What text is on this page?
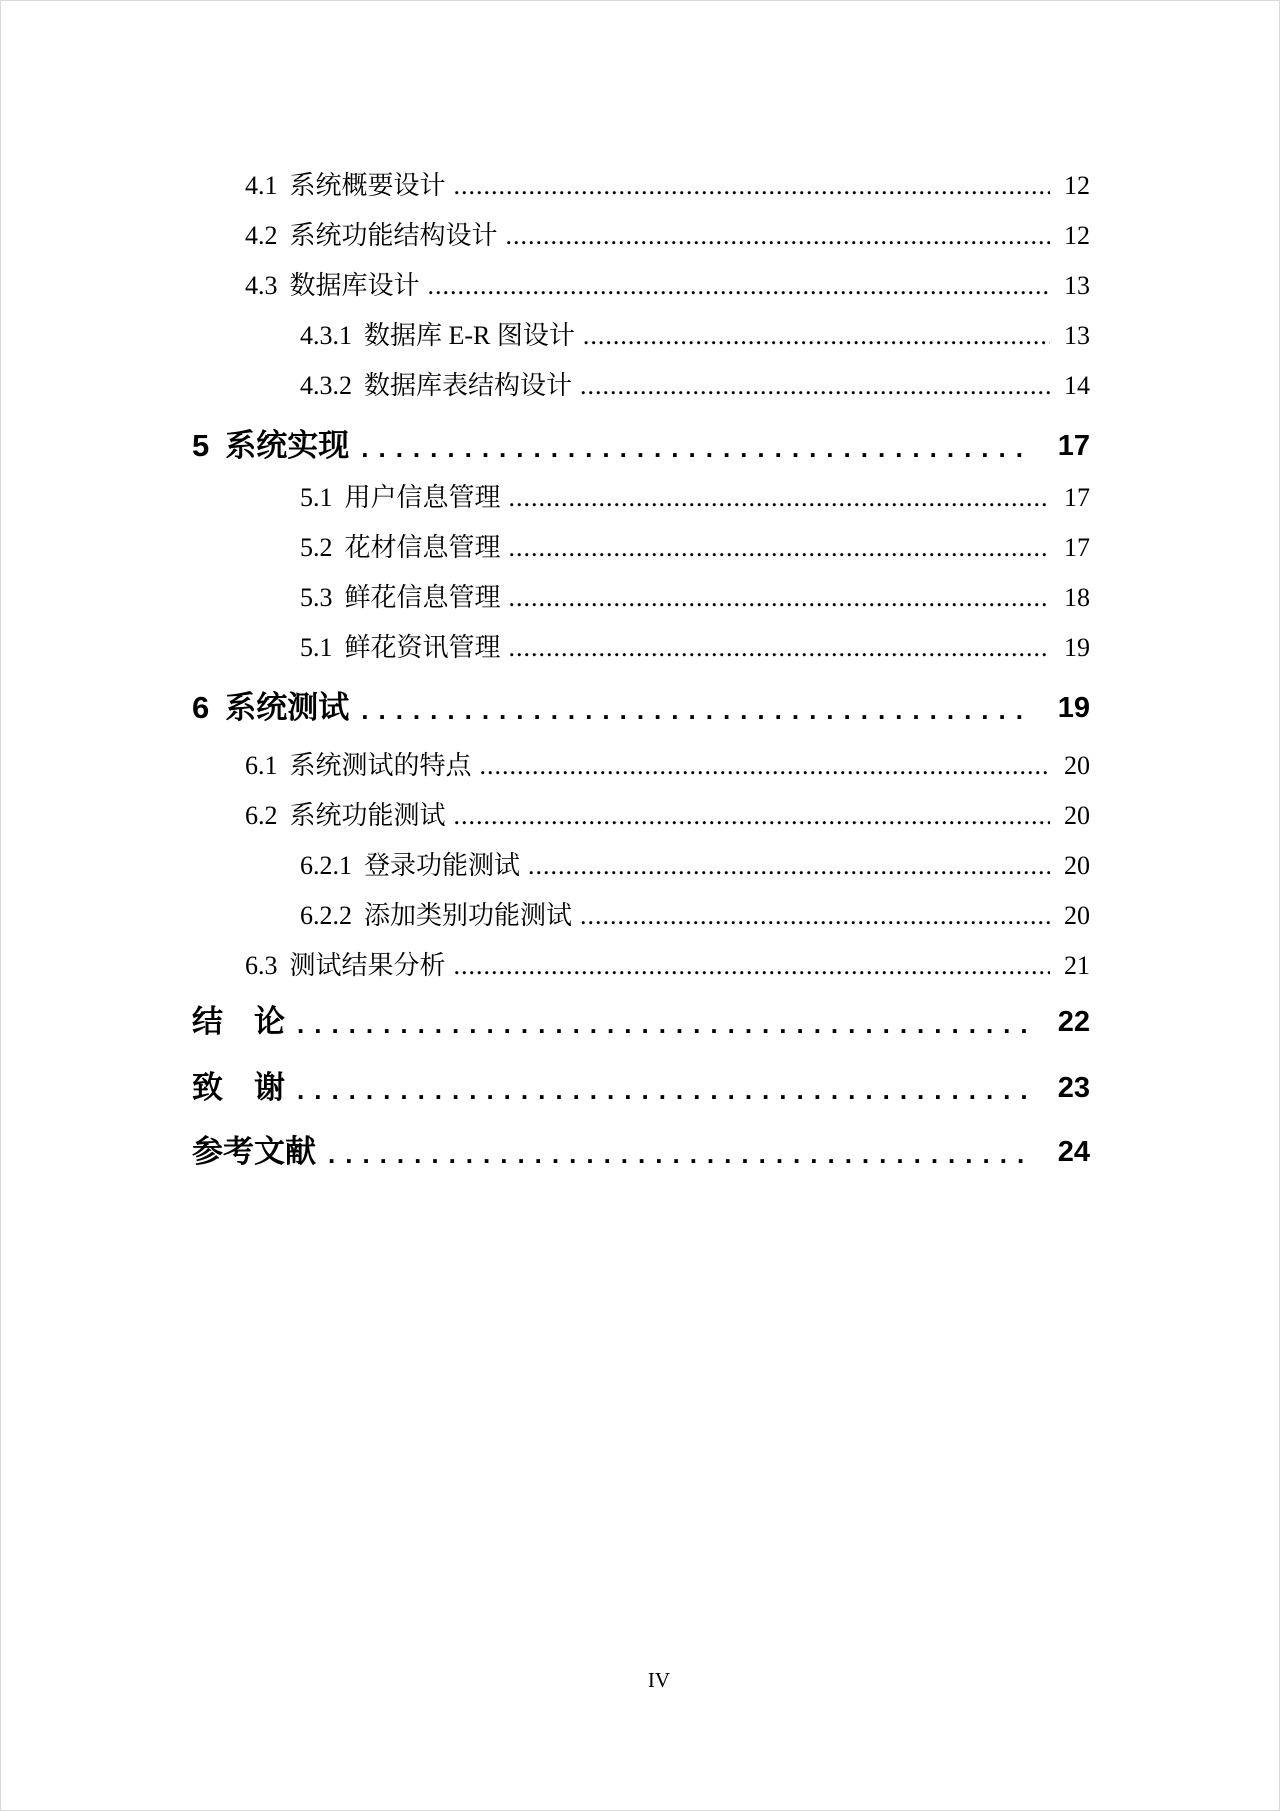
4.1 系统概要设计 .....	12
4.2 系统功能结构设计 .....	12
4.3 数据库设计 .....	13
4.3.1 数据库 E-R 图设计 .....	13
4.3.2 数据库表结构设计 .....	14
5 系统实现 .....	17
5.1 用户信息管理 .....	17
5.2 花材信息管理 .....	17
5.3 鲜花信息管理 .....	18
5.1 鲜花资讯管理 .....	19
6 系统测试 .....	19
6.1 系统测试的特点 .....	20
6.2 系统功能测试 .....	20
6.2.1 登录功能测试 .....	20
6.2.2 添加类别功能测试 .....	20
6.3 测试结果分析 .....	21
结　论 .....	22
致　谢 .....	23
参考文献 .....	24
IV
